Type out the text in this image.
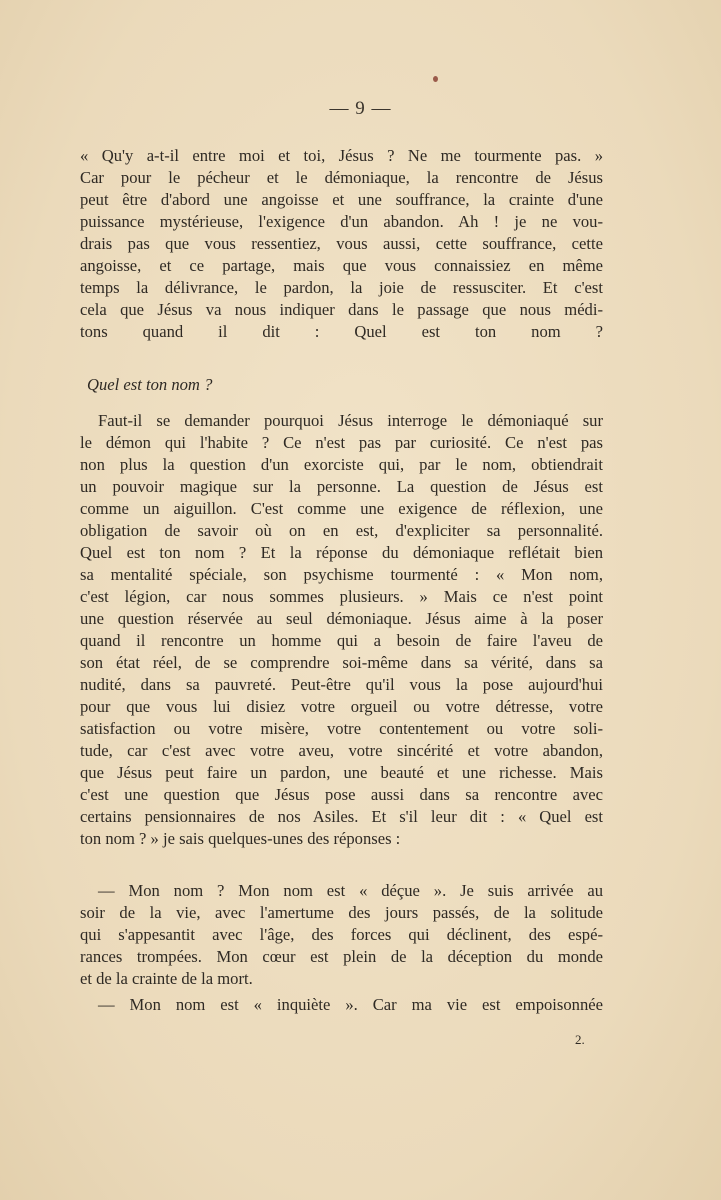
— 9 —
« Qu'y a-t-il entre moi et toi, Jésus ? Ne me tourmente pas. »
Car pour le pécheur et le démoniaque, la rencontre de Jésus
peut être d'abord une angoisse et une souffrance, la crainte d'une
puissance mystérieuse, l'exigence d'un abandon. Ah ! je ne vou-
drais pas que vous ressentiez, vous aussi, cette souffrance, cette
angoisse, et ce partage, mais que vous connaissiez en même
temps la délivrance, le pardon, la joie de ressusciter. Et c'est
cela que Jésus va nous indiquer dans le passage que nous médi-
tons quand il dit : Quel est ton nom ?
Quel est ton nom ?
Faut-il se demander pourquoi Jésus interroge le démoniaqué sur
le démon qui l'habite ? Ce n'est pas par curiosité. Ce n'est pas
non plus la question d'un exorciste qui, par le nom, obtiendrait
un pouvoir magique sur la personne. La question de Jésus est
comme un aiguillon. C'est comme une exigence de réflexion, une
obligation de savoir où on en est, d'expliciter sa personnalité.
Quel est ton nom ? Et la réponse du démoniaque reflétait bien
sa mentalité spéciale, son psychisme tourmenté : « Mon nom,
c'est légion, car nous sommes plusieurs. » Mais ce n'est point
une question réservée au seul démoniaque. Jésus aime à la poser
quand il rencontre un homme qui a besoin de faire l'aveu de
son état réel, de se comprendre soi-même dans sa vérité, dans sa
nudité, dans sa pauvreté. Peut-être qu'il vous la pose aujourd'hui
pour que vous lui disiez votre orgueil ou votre détresse, votre
satisfaction ou votre misère, votre contentement ou votre soli-
tude, car c'est avec votre aveu, votre sincérité et votre abandon,
que Jésus peut faire un pardon, une beauté et une richesse. Mais
c'est une question que Jésus pose aussi dans sa rencontre avec
certains pensionnaires de nos Asiles. Et s'il leur dit : « Quel est
ton nom ? » je sais quelques-unes des réponses :
— Mon nom ? Mon nom est « déçue ». Je suis arrivée au
soir de la vie, avec l'amertume des jours passés, de la solitude
qui s'appesantit avec l'âge, des forces qui déclinent, des espé-
rances trompées. Mon cœur est plein de la déception du monde
et de la crainte de la mort.
— Mon nom est « inquiète ». Car ma vie est empoisonnée
2.
